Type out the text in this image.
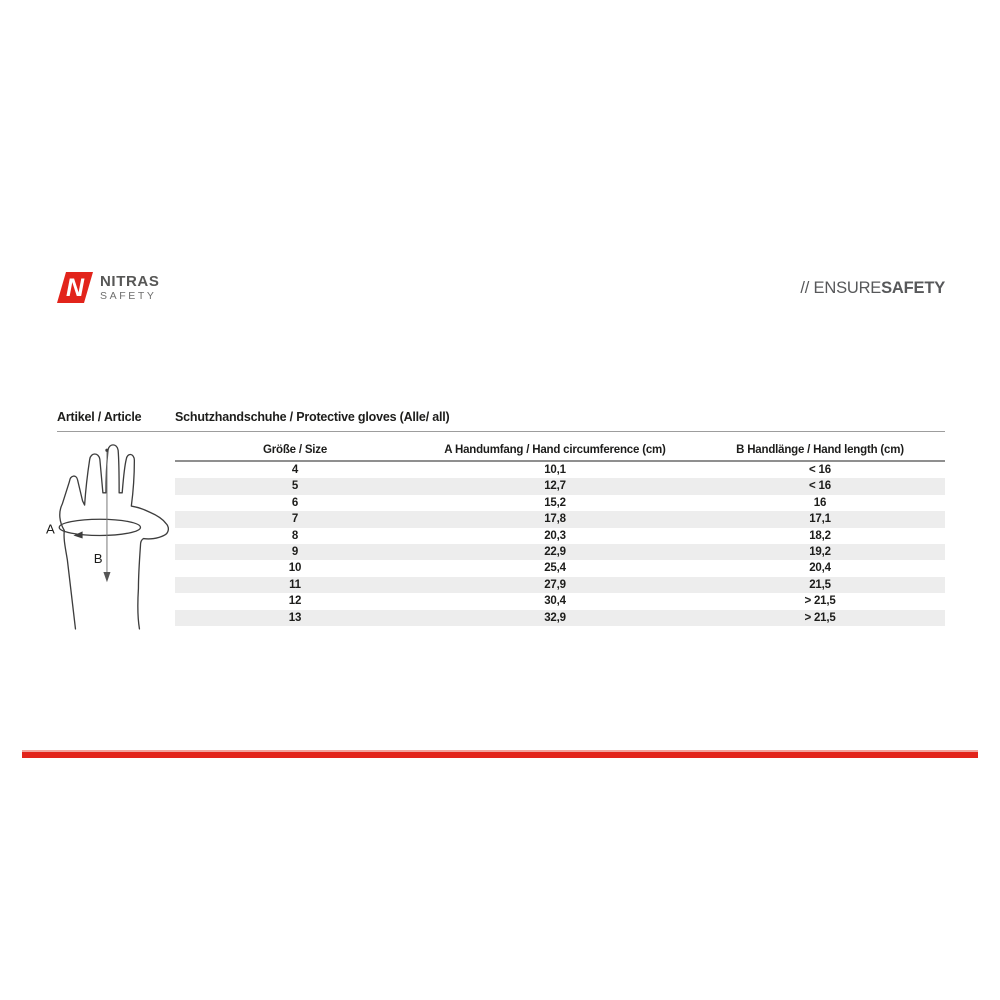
N NITRAS
SAFETY	// ENSURESAFETY
Artikel / Article	Schutzhandschuhe / Protective gloves (Alle/ all)
A
B
Größe / Size	A Handumfang / Hand circumference (cm)	B Handlänge / Hand length (cm)
4	10,1	< 16
5	12,7	< 16
6	15,2	16
7	17,8	17,1
8	20,3	18,2
9	22,9	19,2
10	25,4	20,4
11	27,9	21,5
12	30,4	> 21,5
13	32,9	> 21,5
